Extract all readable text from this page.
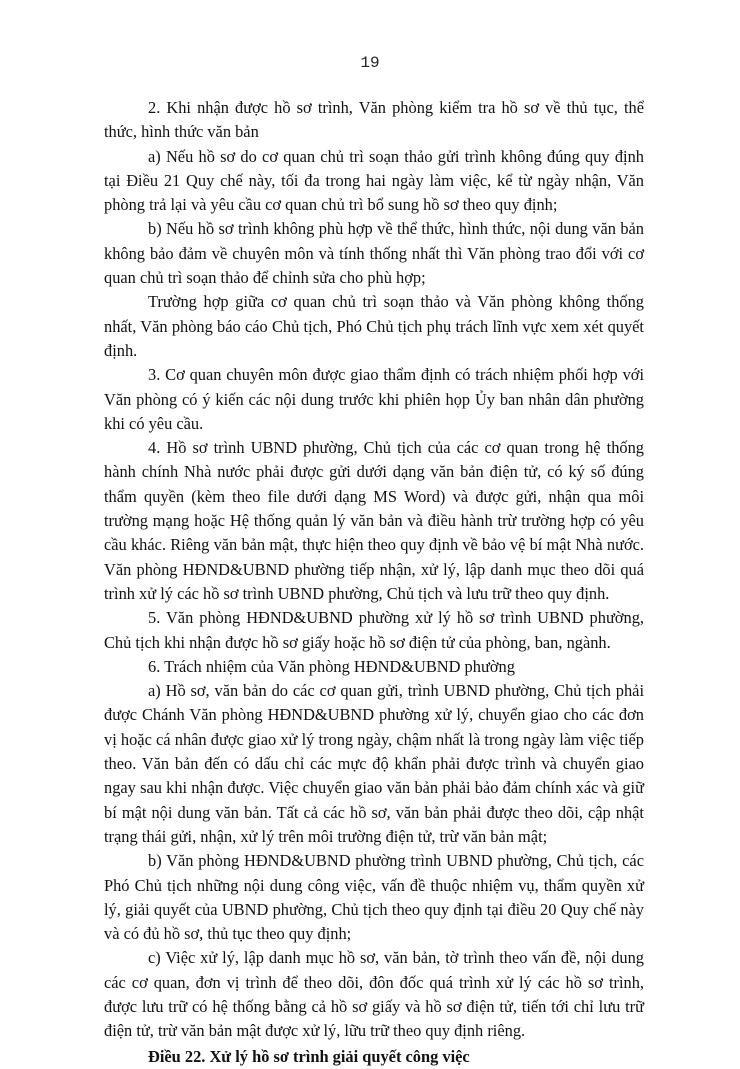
19

2. Khi nhận được hồ sơ trình, Văn phòng kiểm tra hồ sơ về thủ tục, thể thức, hình thức văn bản

a) Nếu hồ sơ do cơ quan chủ trì soạn thảo gửi trình không đúng quy định tại Điều 21 Quy chế này, tối đa trong hai ngày làm việc, kể từ ngày nhận, Văn phòng trả lại và yêu cầu cơ quan chủ trì bổ sung hồ sơ theo quy định;

b) Nếu hồ sơ trình không phù hợp về thể thức, hình thức, nội dung văn bản không bảo đảm về chuyên môn và tính thống nhất thì Văn phòng trao đổi với cơ quan chủ trì soạn thảo để chỉnh sửa cho phù hợp;

Trường hợp giữa cơ quan chủ trì soạn thảo và Văn phòng không thống nhất, Văn phòng báo cáo Chủ tịch, Phó Chủ tịch phụ trách lĩnh vực xem xét quyết định.

3. Cơ quan chuyên môn được giao thẩm định có trách nhiệm phối hợp với Văn phòng có ý kiến các nội dung trước khi phiên họp Ủy ban nhân dân phường khi có yêu cầu.

4. Hồ sơ trình UBND phường, Chủ tịch của các cơ quan trong hệ thống hành chính Nhà nước phải được gửi dưới dạng văn bản điện tử, có ký số đúng thẩm quyền (kèm theo file dưới dạng MS Word) và được gửi, nhận qua môi trường mạng hoặc Hệ thống quản lý văn bản và điều hành trừ trường hợp có yêu cầu khác. Riêng văn bản mật, thực hiện theo quy định về bảo vệ bí mật Nhà nước. Văn phòng HĐND&UBND phường tiếp nhận, xử lý, lập danh mục theo dõi quá trình xử lý các hồ sơ trình UBND phường, Chủ tịch và lưu trữ theo quy định.

5. Văn phòng HĐND&UBND phường xử lý hồ sơ trình UBND phường, Chủ tịch khi nhận được hồ sơ giấy hoặc hồ sơ điện tử của phòng, ban, ngành.

6. Trách nhiệm của Văn phòng HĐND&UBND phường

a) Hồ sơ, văn bản do các cơ quan gửi, trình UBND phường, Chủ tịch phải được Chánh Văn phòng HĐND&UBND phường xử lý, chuyển giao cho các đơn vị hoặc cá nhân được giao xử lý trong ngày, chậm nhất là trong ngày làm việc tiếp theo. Văn bản đến có dấu chỉ các mực độ khẩn phải được trình và chuyển giao ngay sau khi nhận được. Việc chuyển giao văn bản phải bảo đảm chính xác và giữ bí mật nội dung văn bản. Tất cả các hồ sơ, văn bản phải được theo dõi, cập nhật trạng thái gửi, nhận, xử lý trên môi trường điện tử, trừ văn bản mật;

b) Văn phòng HĐND&UBND phường trình UBND phường, Chủ tịch, các Phó Chủ tịch những nội dung công việc, vấn đề thuộc nhiệm vụ, thẩm quyền xử lý, giải quyết của UBND phường, Chủ tịch theo quy định tại điều 20 Quy chế này và có đủ hồ sơ, thủ tục theo quy định;

c) Việc xử lý, lập danh mục hồ sơ, văn bản, tờ trình theo vấn đề, nội dung các cơ quan, đơn vị trình để theo dõi, đôn đốc quá trình xử lý các hồ sơ trình, được lưu trữ có hệ thống bằng cả hồ sơ giấy và hồ sơ điện tử, tiến tới chỉ lưu trữ điện tử, trừ văn bản mật được xử lý, lữu trữ theo quy định riêng.

Điều 22. Xử lý hồ sơ trình giải quyết công việc
